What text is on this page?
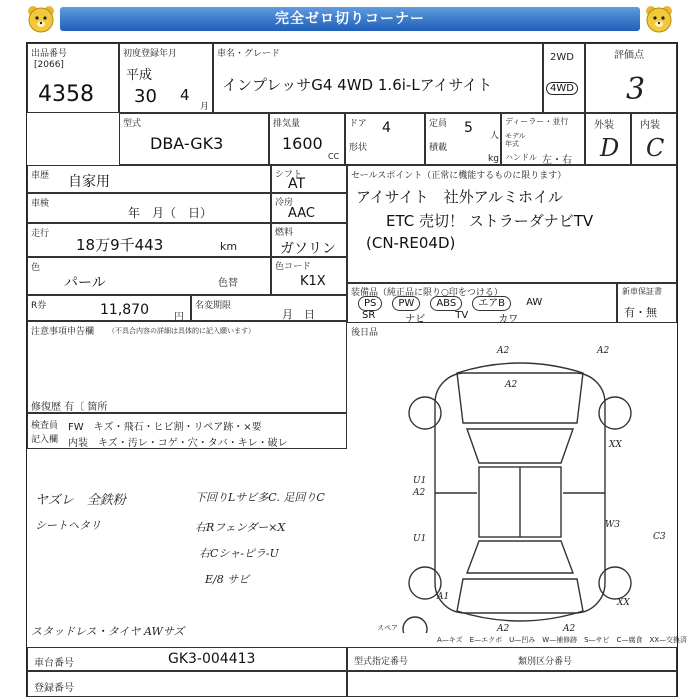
完全ゼロ切りコーナー
出品番号
[2066]
4358
初度登録年月
平成
30 4
月
車名・グレード
インプレッサG4 4WD 1.6i-Lアイサイト
2WD
4WD
評価点
3
型式
DBA-GK3
排気量
1600
CC
ドア 4
形状
定員 5 人
積載
kg
ディーラー・並行
モデル年式
ハンドル 左・右
外装
D
内装
C
車歴 自家用
車検
年　月（　日）
走行
18万9千443	km
色
パール	色替
R券	11,870	円
名変期限
月　日
シフト
AT
冷房
AAC
燃料
ガソリン
色コード
K1X
セールスポイント（正常に機能するものに限ります）
アイサイト　社外アルミホイル
ETC 売切！ ストラーダナビTV
(CN-RE04D)
装備品（純正品に限り○印をつける）
PS	PW	ABS	エアB	AW
SR	ナビ	TV	カワ
新車保証書
有・無
注意事項申告欄 （不具合内容の詳細は具体的に記入願います）
修復歴 有〔 箇所
後日品
検査員
記入欄
FW　キズ・飛石・ヒビ割・リペア跡・×要
内装　キズ・汚レ・コゲ・穴・タバ・キレ・破レ
ヤズレ　全鉄粉
シートヘタリ
下回りLサビ多C. 足回りC
右Rフェンダー×X
右Cシャ-ピラ-U
E/8 サビ
スタッドレス・タイヤ AWサズ
A2	A2
A2
XX
U1
A2
U1
W3
C3
XX
A1
A2	A2
スペア
A—キズ　E—エクボ　U—凹み　W—補修跡　S—サビ　C—腐食　XX—交換済
車台番号	GK3-004413
登録番号
型式指定番号	類別区分番号
